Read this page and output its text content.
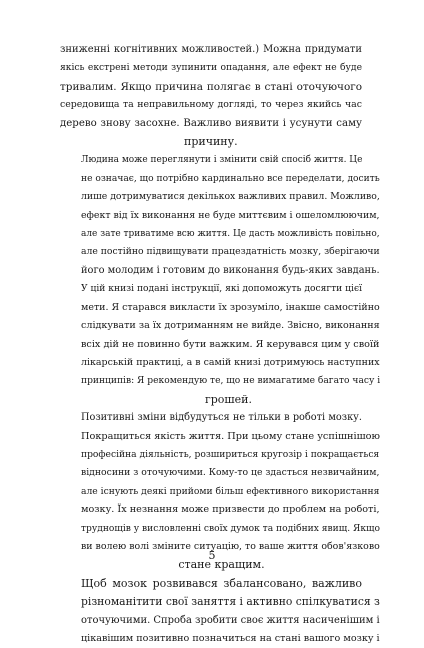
зниженні когнітивних можливостей.) Можна придумати
якісь екстрені методи зупинити опадання, але ефект не буде
тривалим. Якщо причина полягає в стані оточуючого
середовища та неправильному догляді, то через якийсь час
дерево знову засохне. Важливо виявити і усунути саму
причину.
Людина може переглянути і змінити свій спосіб життя. Це
не означає, що потрібно кардинально все переделати, досить
лише дотримуватися декількох важливих правил. Можливо,
ефект від їх виконання не буде миттєвим і ошеломлюючим,
але зате триватиме всю життя. Це дасть можливість повільно,
але постійно підвищувати працездатність мозку, зберігаючи
його молодим і готовим до виконання будь-яких завдань.
У цій книзі подані інструкції, які допоможуть досягти цієї
мети. Я старався викласти їх зрозуміло, інакше самостійно
слідкувати за їх дотриманням не вийде. Звісно, виконання
всіх дій не повинно бути важким. Я керувався цим у своїй
лікарській практиці, а в самій книзі дотримуюсь наступних
принципів: Я рекомендую те, що не вимагатиме багато часу і
грошей.
Позитивні зміни відбудуться не тільки в роботі мозку.
Покращиться якість життя. При цьому стане успішнішою
професійна діяльність, розшириться кругозір і покращається
відносини з оточуючими. Кому-то це здасться незвичайним,
але існують деякі прийоми більш ефективного використання
мозку. Їх незнання може призвести до проблем на роботі,
труднощів у висловленні своїх думок та подібних явищ. Якщо
ви волею волі зміните ситуацію, то ваше життя обов'язково
стане кращим.
Щоб мозок розвивався збалансовано, важливо
різноманітити свої заняття і активно спілкуватися з
оточуючими. Спроба зробити своє життя насиченішим і
цікавішим позитивно позначиться на стані вашого мозку і
5
